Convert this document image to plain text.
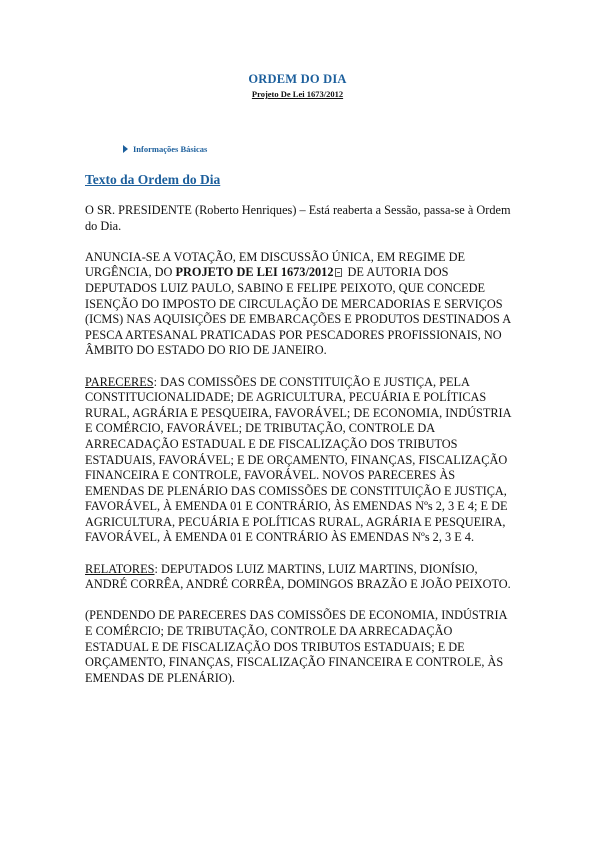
ORDEM DO DIA
Projeto De Lei 1673/2012
Informações Básicas
Texto da Ordem do Dia

O SR. PRESIDENTE (Roberto Henriques) – Está reaberta a Sessão, passa-se à Ordem do Dia.

ANUNCIA-SE A VOTAÇÃO, EM DISCUSSÃO ÚNICA, EM REGIME DE URGÊNCIA, DO PROJETO DE LEI 1673/2012 DE AUTORIA DOS DEPUTADOS LUIZ PAULO, SABINO E FELIPE PEIXOTO, QUE CONCEDE ISENÇÃO DO IMPOSTO DE CIRCULAÇÃO DE MERCADORIAS E SERVIÇOS (ICMS) NAS AQUISIÇÕES DE EMBARCAÇÕES E PRODUTOS DESTINADOS A PESCA ARTESANAL PRATICADAS POR PESCADORES PROFISSIONAIS, NO ÂMBITO DO ESTADO DO RIO DE JANEIRO.

PARECERES: DAS COMISSÕES DE CONSTITUIÇÃO E JUSTIÇA, PELA CONSTITUCIONALIDADE; DE AGRICULTURA, PECUÁRIA E POLÍTICAS RURAL, AGRÁRIA E PESQUEIRA, FAVORÁVEL; DE ECONOMIA, INDÚSTRIA E COMÉRCIO, FAVORÁVEL; DE TRIBUTAÇÃO, CONTROLE DA ARRECADAÇÃO ESTADUAL E DE FISCALIZAÇÃO DOS TRIBUTOS ESTADUAIS, FAVORÁVEL; E DE ORÇAMENTO, FINANÇAS, FISCALIZAÇÃO FINANCEIRA E CONTROLE, FAVORÁVEL. NOVOS PARECERES ÀS EMENDAS DE PLENÁRIO DAS COMISSÕES DE CONSTITUIÇÃO E JUSTIÇA, FAVORÁVEL, À EMENDA 01 E CONTRÁRIO, ÀS EMENDAS Nºs 2, 3 E 4; E DE AGRICULTURA, PECUÁRIA E POLÍTICAS RURAL, AGRÁRIA E PESQUEIRA, FAVORÁVEL, À EMENDA 01 E CONTRÁRIO ÀS EMENDAS Nºs 2, 3 E 4.

RELATORES: DEPUTADOS LUIZ MARTINS, LUIZ MARTINS, DIONÍSIO, ANDRÉ CORRÊA, ANDRÉ CORRÊA, DOMINGOS BRAZÃO E JOÃO PEIXOTO.

(PENDENDO DE PARECERES DAS COMISSÕES DE ECONOMIA, INDÚSTRIA E COMÉRCIO; DE TRIBUTAÇÃO, CONTROLE DA ARRECADAÇÃO ESTADUAL E DE FISCALIZAÇÃO DOS TRIBUTOS ESTADUAIS; E DE ORÇAMENTO, FINANÇAS, FISCALIZAÇÃO FINANCEIRA E CONTROLE, ÀS EMENDAS DE PLENÁRIO).
